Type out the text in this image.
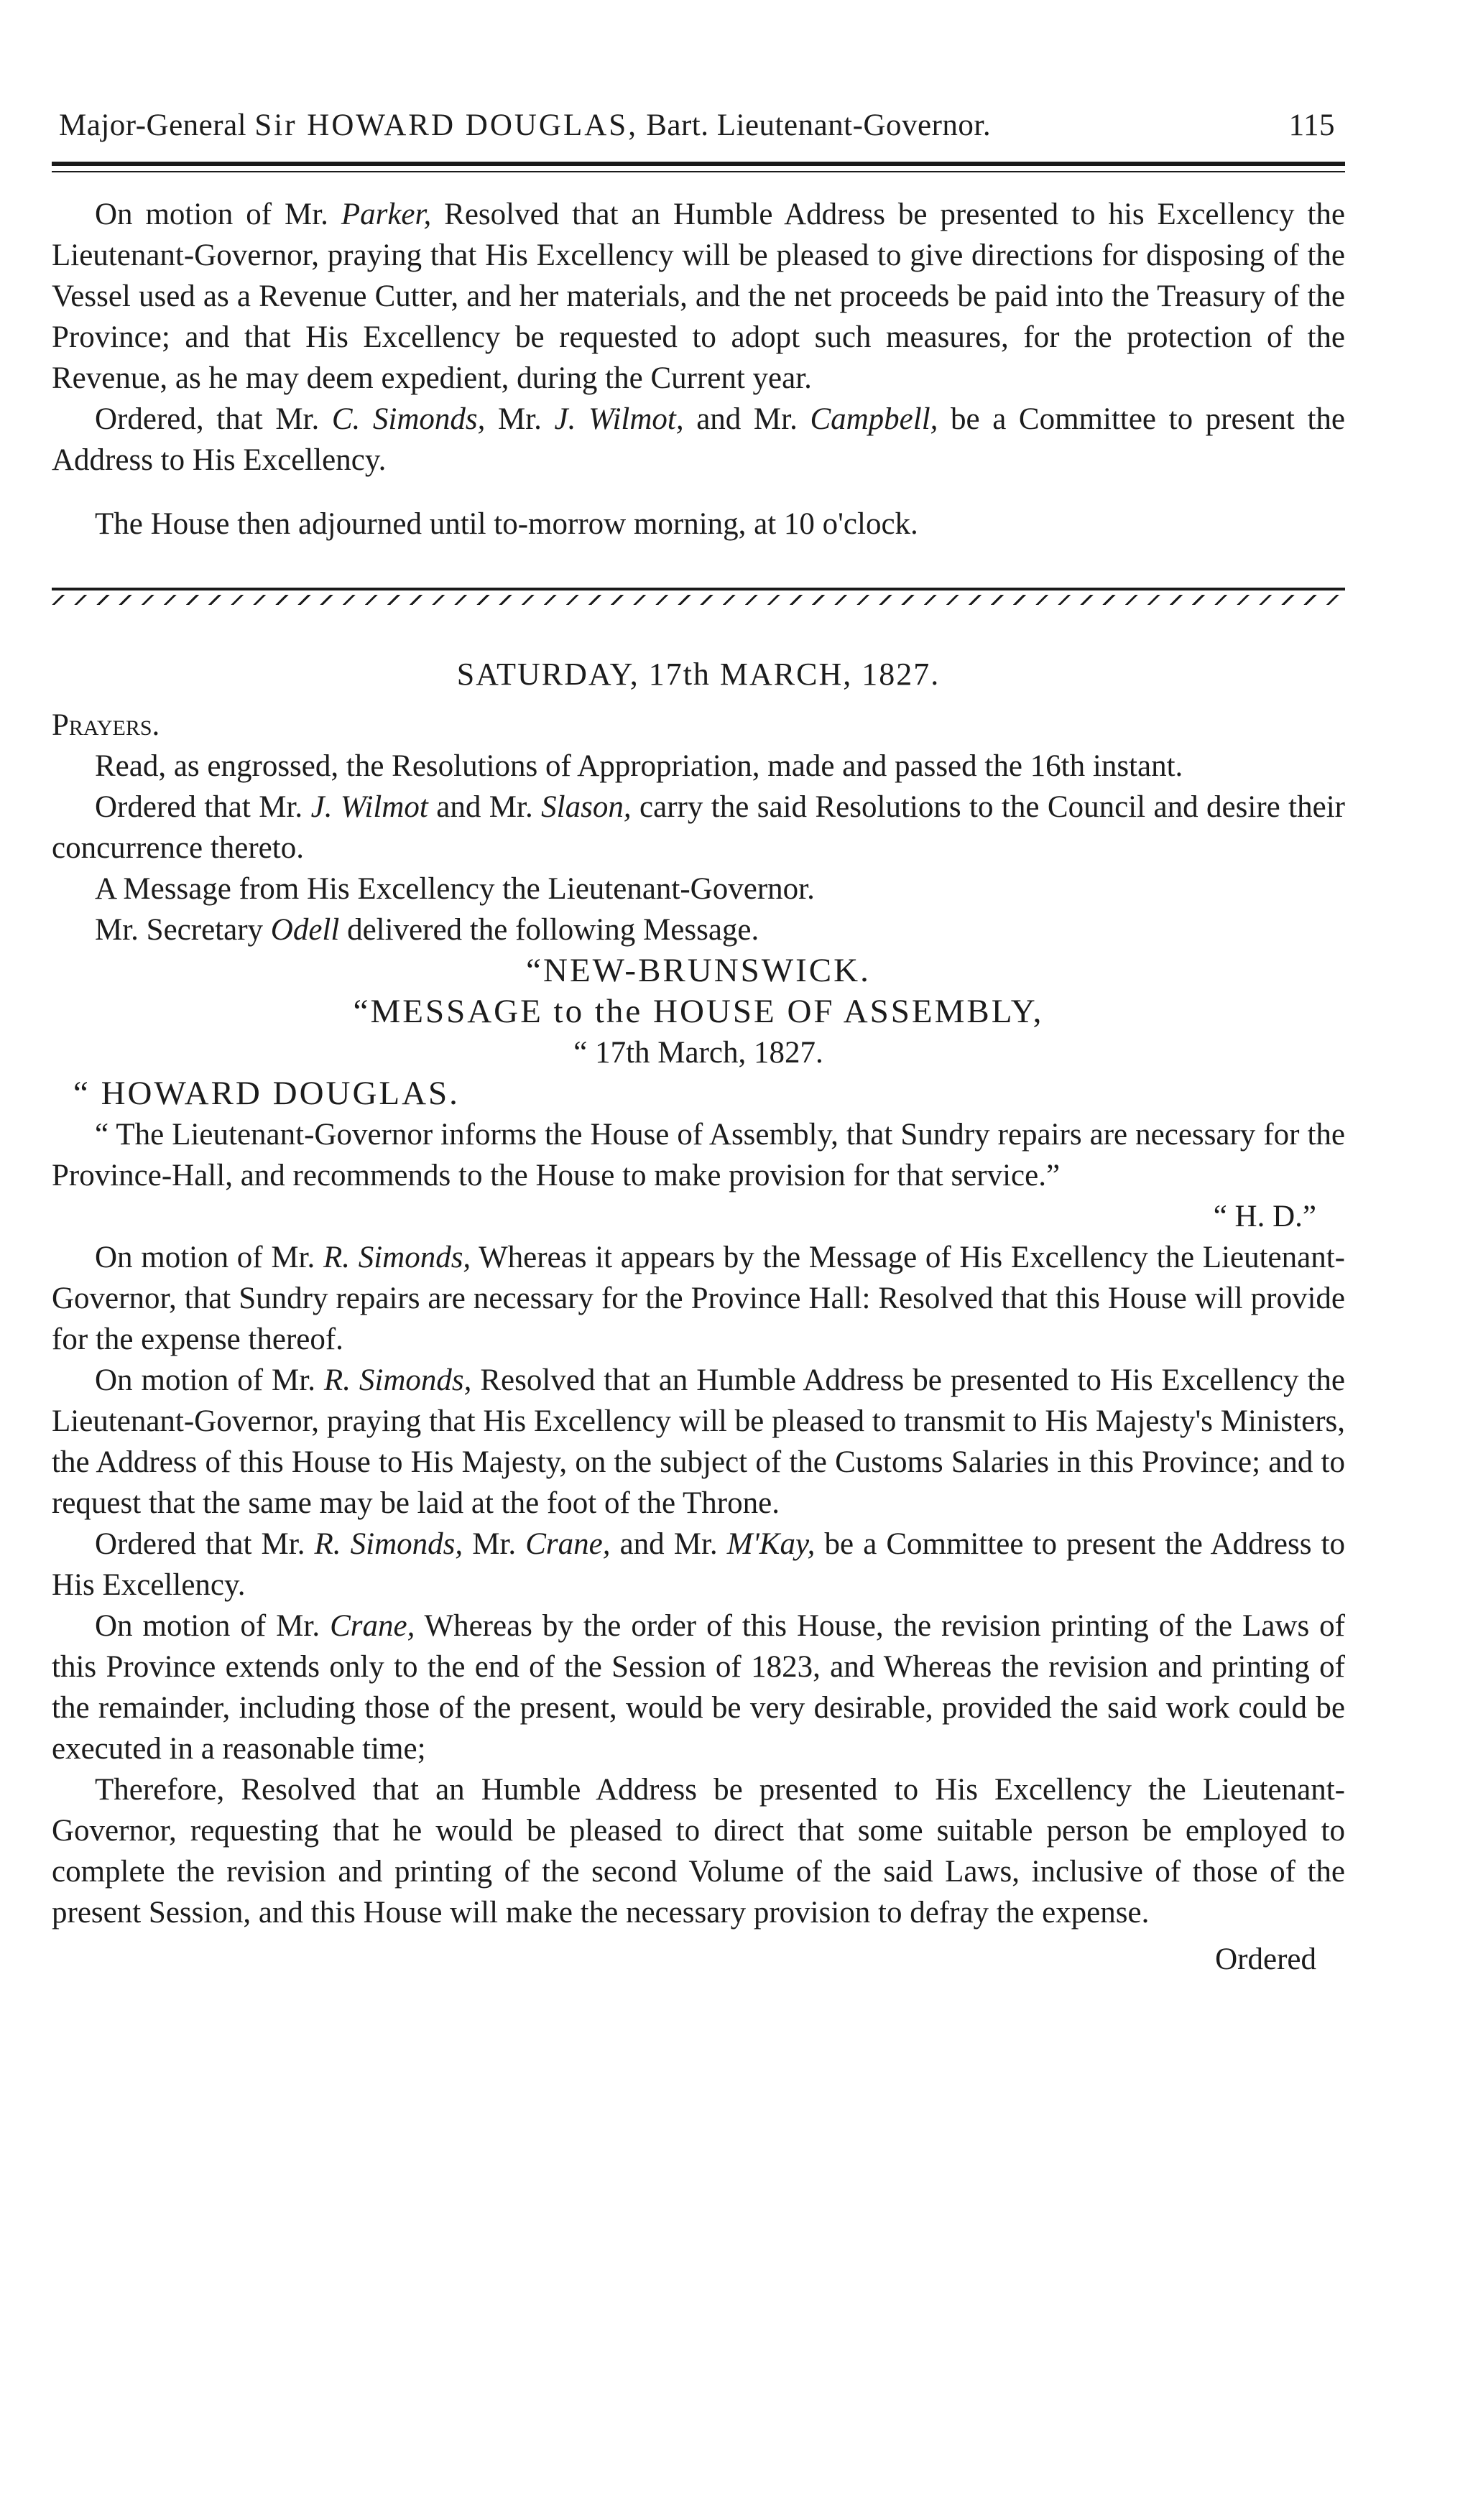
Major-General Sir HOWARD DOUGLAS, Bart. Lieutenant-Governor.	115

On motion of Mr. Parker, Resolved that an Humble Address be presented to his Excellency the Lieutenant-Governor, praying that His Excellency will be pleased to give directions for disposing of the Vessel used as a Revenue Cutter, and her materials, and the net proceeds be paid into the Treasury of the Province; and that His Excellency be requested to adopt such measures, for the protection of the Revenue, as he may deem expedient, during the Current year.

Ordered, that Mr. C. Simonds, Mr. J. Wilmot, and Mr. Campbell, be a Committee to present the Address to His Excellency.

The House then adjourned until to-morrow morning, at 10 o'clock.

SATURDAY, 17th MARCH, 1827.

Prayers.

Read, as engrossed, the Resolutions of Appropriation, made and passed the 16th instant.

Ordered that Mr. J. Wilmot and Mr. Slason, carry the said Resolutions to the Council and desire their concurrence thereto.

A Message from His Excellency the Lieutenant-Governor.

Mr. Secretary Odell delivered the following Message.

“NEW-BRUNSWICK.

“MESSAGE to the HOUSE OF ASSEMBLY,

“ 17th March, 1827.

“ HOWARD DOUGLAS.

“ The Lieutenant-Governor informs the House of Assembly, that Sundry repairs are necessary for the Province-Hall, and recommends to the House to make provision for that service.”

“ H. D.”

On motion of Mr. R. Simonds, Whereas it appears by the Message of His Excellency the Lieutenant-Governor, that Sundry repairs are necessary for the Province Hall: Resolved that this House will provide for the expense thereof.

On motion of Mr. R. Simonds, Resolved that an Humble Address be presented to His Excellency the Lieutenant-Governor, praying that His Excellency will be pleased to transmit to His Majesty's Ministers, the Address of this House to His Majesty, on the subject of the Customs Salaries in this Province; and to request that the same may be laid at the foot of the Throne.

Ordered that Mr. R. Simonds, Mr. Crane, and Mr. M'Kay, be a Committee to present the Address to His Excellency.

On motion of Mr. Crane, Whereas by the order of this House, the revision printing of the Laws of this Province extends only to the end of the Session of 1823, and Whereas the revision and printing of the remainder, including those of the present, would be very desirable, provided the said work could be executed in a reasonable time;

Therefore, Resolved that an Humble Address be presented to His Excellency the Lieutenant-Governor, requesting that he would be pleased to direct that some suitable person be employed to complete the revision and printing of the second Volume of the said Laws, inclusive of those of the present Session, and this House will make the necessary provision to defray the expense.

Ordered
